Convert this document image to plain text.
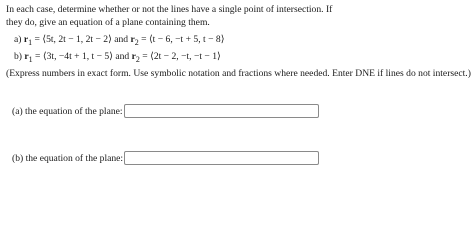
In each case, determine whether or not the lines have a single point of intersection. If they do, give an equation of a plane containing them.

a) $r_1$ = ⟨5t, 2t − 1, 2t − 2⟩ and $r_2$ = ⟨t − 6, −t + 5, t − 8⟩
b) $r_1$ = ⟨3t, −4t + 1, t − 5⟩ and $r_2$ = ⟨2t − 2, −t, −t − 1⟩
(Express numbers in exact form. Use symbolic notation and fractions where needed. Enter DNE if lines do not intersect.)
(a) the equation of the plane:
(b) the equation of the plane:
